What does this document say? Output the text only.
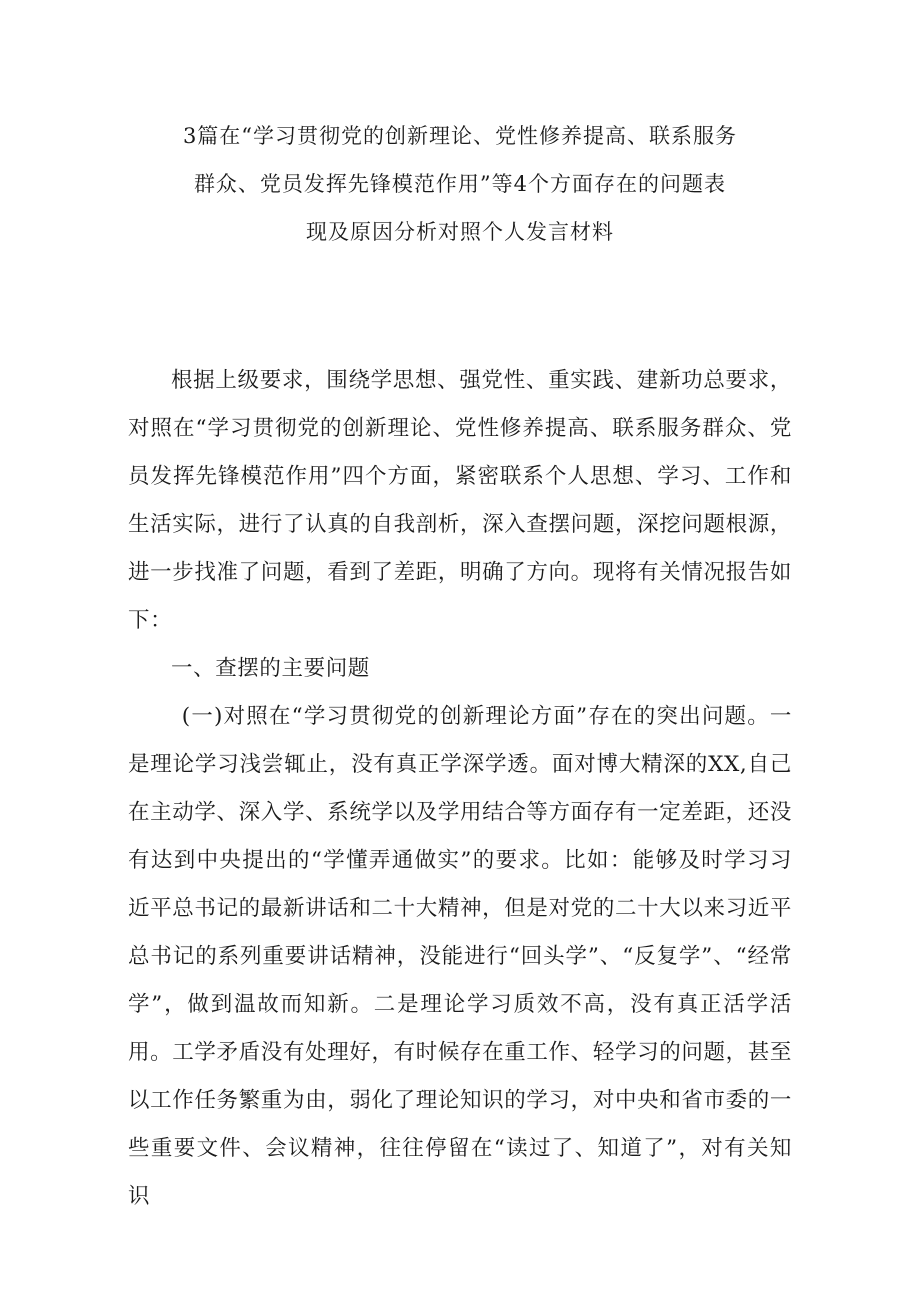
3篇在“学习贯彻党的创新理论、党性修养提高、联系服务
群众、党员发挥先锋模范作用”等4个方面存在的问题表
现及原因分析对照个人发言材料

根据上级要求，围绕学思想、强党性、重实践、建新功总要求，对照在“学习贯彻党的创新理论、党性修养提高、联系服务群众、党员发挥先锋模范作用”四个方面，紧密联系个人思想、学习、工作和生活实际，进行了认真的自我剖析，深入查摆问题，深挖问题根源，进一步找准了问题，看到了差距，明确了方向。现将有关情况报告如下：

一、查摆的主要问题

(一)对照在“学习贯彻党的创新理论方面”存在的突出问题。一是理论学习浅尝辄止，没有真正学深学透。面对博大精深的XX,自己在主动学、深入学、系统学以及学用结合等方面存有一定差距，还没有达到中央提出的“学懂弄通做实”的要求。比如：能够及时学习习近平总书记的最新讲话和二十大精神，但是对党的二十大以来习近平总书记的系列重要讲话精神，没能进行“回头学”、“反复学”、“经常学”，做到温故而知新。二是理论学习质效不高，没有真正活学活用。工学矛盾没有处理好，有时候存在重工作、轻学习的问题，甚至以工作任务繁重为由，弱化了理论知识的学习，对中央和省市委的一些重要文件、会议精神，往往停留在“读过了、知道了”，对有关知识
